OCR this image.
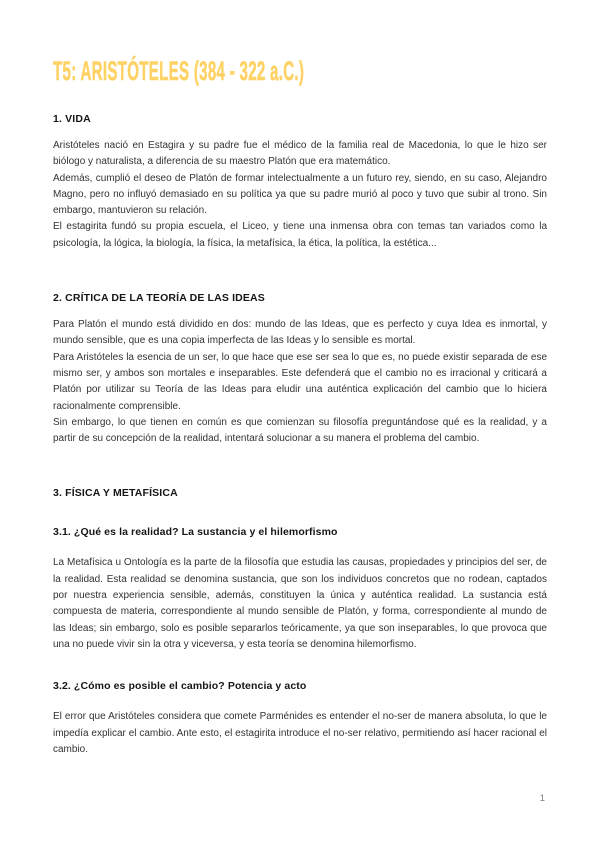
T5: ARISTÓTELES (384 - 322 a.C.)
1. VIDA

Aristóteles nació en Estagira y su padre fue el médico de la familia real de Macedonia, lo que le hizo ser biólogo y naturalista, a diferencia de su maestro Platón que era matemático.

Además, cumplió el deseo de Platón de formar intelectualmente a un futuro rey, siendo, en su caso, Alejandro Magno, pero no influyó demasiado en su política ya que su padre murió al poco y tuvo que subir al trono. Sin embargo, mantuvieron su relación.

El estagirita fundó su propia escuela, el Liceo, y tiene una inmensa obra con temas tan variados como la psicología, la lógica, la biología, la física, la metafísica, la ética, la política, la estética...

2. CRÍTICA DE LA TEORÍA DE LAS IDEAS

Para Platón el mundo está dividido en dos: mundo de las Ideas, que es perfecto y cuya Idea es inmortal, y mundo sensible, que es una copia imperfecta de las Ideas y lo sensible es mortal.

Para Aristóteles la esencia de un ser, lo que hace que ese ser sea lo que es, no puede existir separada de ese mismo ser, y ambos son mortales e inseparables. Este defenderá que el cambio no es irracional y criticará a Platón por utilizar su Teoría de las Ideas para eludir una auténtica explicación del cambio que lo hiciera racionalmente comprensible.

Sin embargo, lo que tienen en común es que comienzan su filosofía preguntándose qué es la realidad, y a partir de su concepción de la realidad, intentará solucionar a su manera el problema del cambio.

3. FÍSICA Y METAFÍSICA
3.1. ¿Qué es la realidad? La sustancia y el hilemorfismo

La Metafísica u Ontología es la parte de la filosofía que estudia las causas, propiedades y principios del ser, de la realidad. Esta realidad se denomina sustancia, que son los individuos concretos que no rodean, captados por nuestra experiencia sensible, además, constituyen la única y auténtica realidad. La sustancia está compuesta de materia, correspondiente al mundo sensible de Platón, y forma, correspondiente al mundo de las Ideas; sin embargo, solo es posible separarlos teóricamente, ya que son inseparables, lo que provoca que una no puede vivir sin la otra y viceversa, y esta teoría se denomina hilemorfismo.

3.2. ¿Cómo es posible el cambio? Potencia y acto

El error que Aristóteles considera que comete Parménides es entender el no-ser de manera absoluta, lo que le impedía explicar el cambio. Ante esto, el estagirita introduce el no-ser relativo, permitiendo así hacer racional el cambio.

1
